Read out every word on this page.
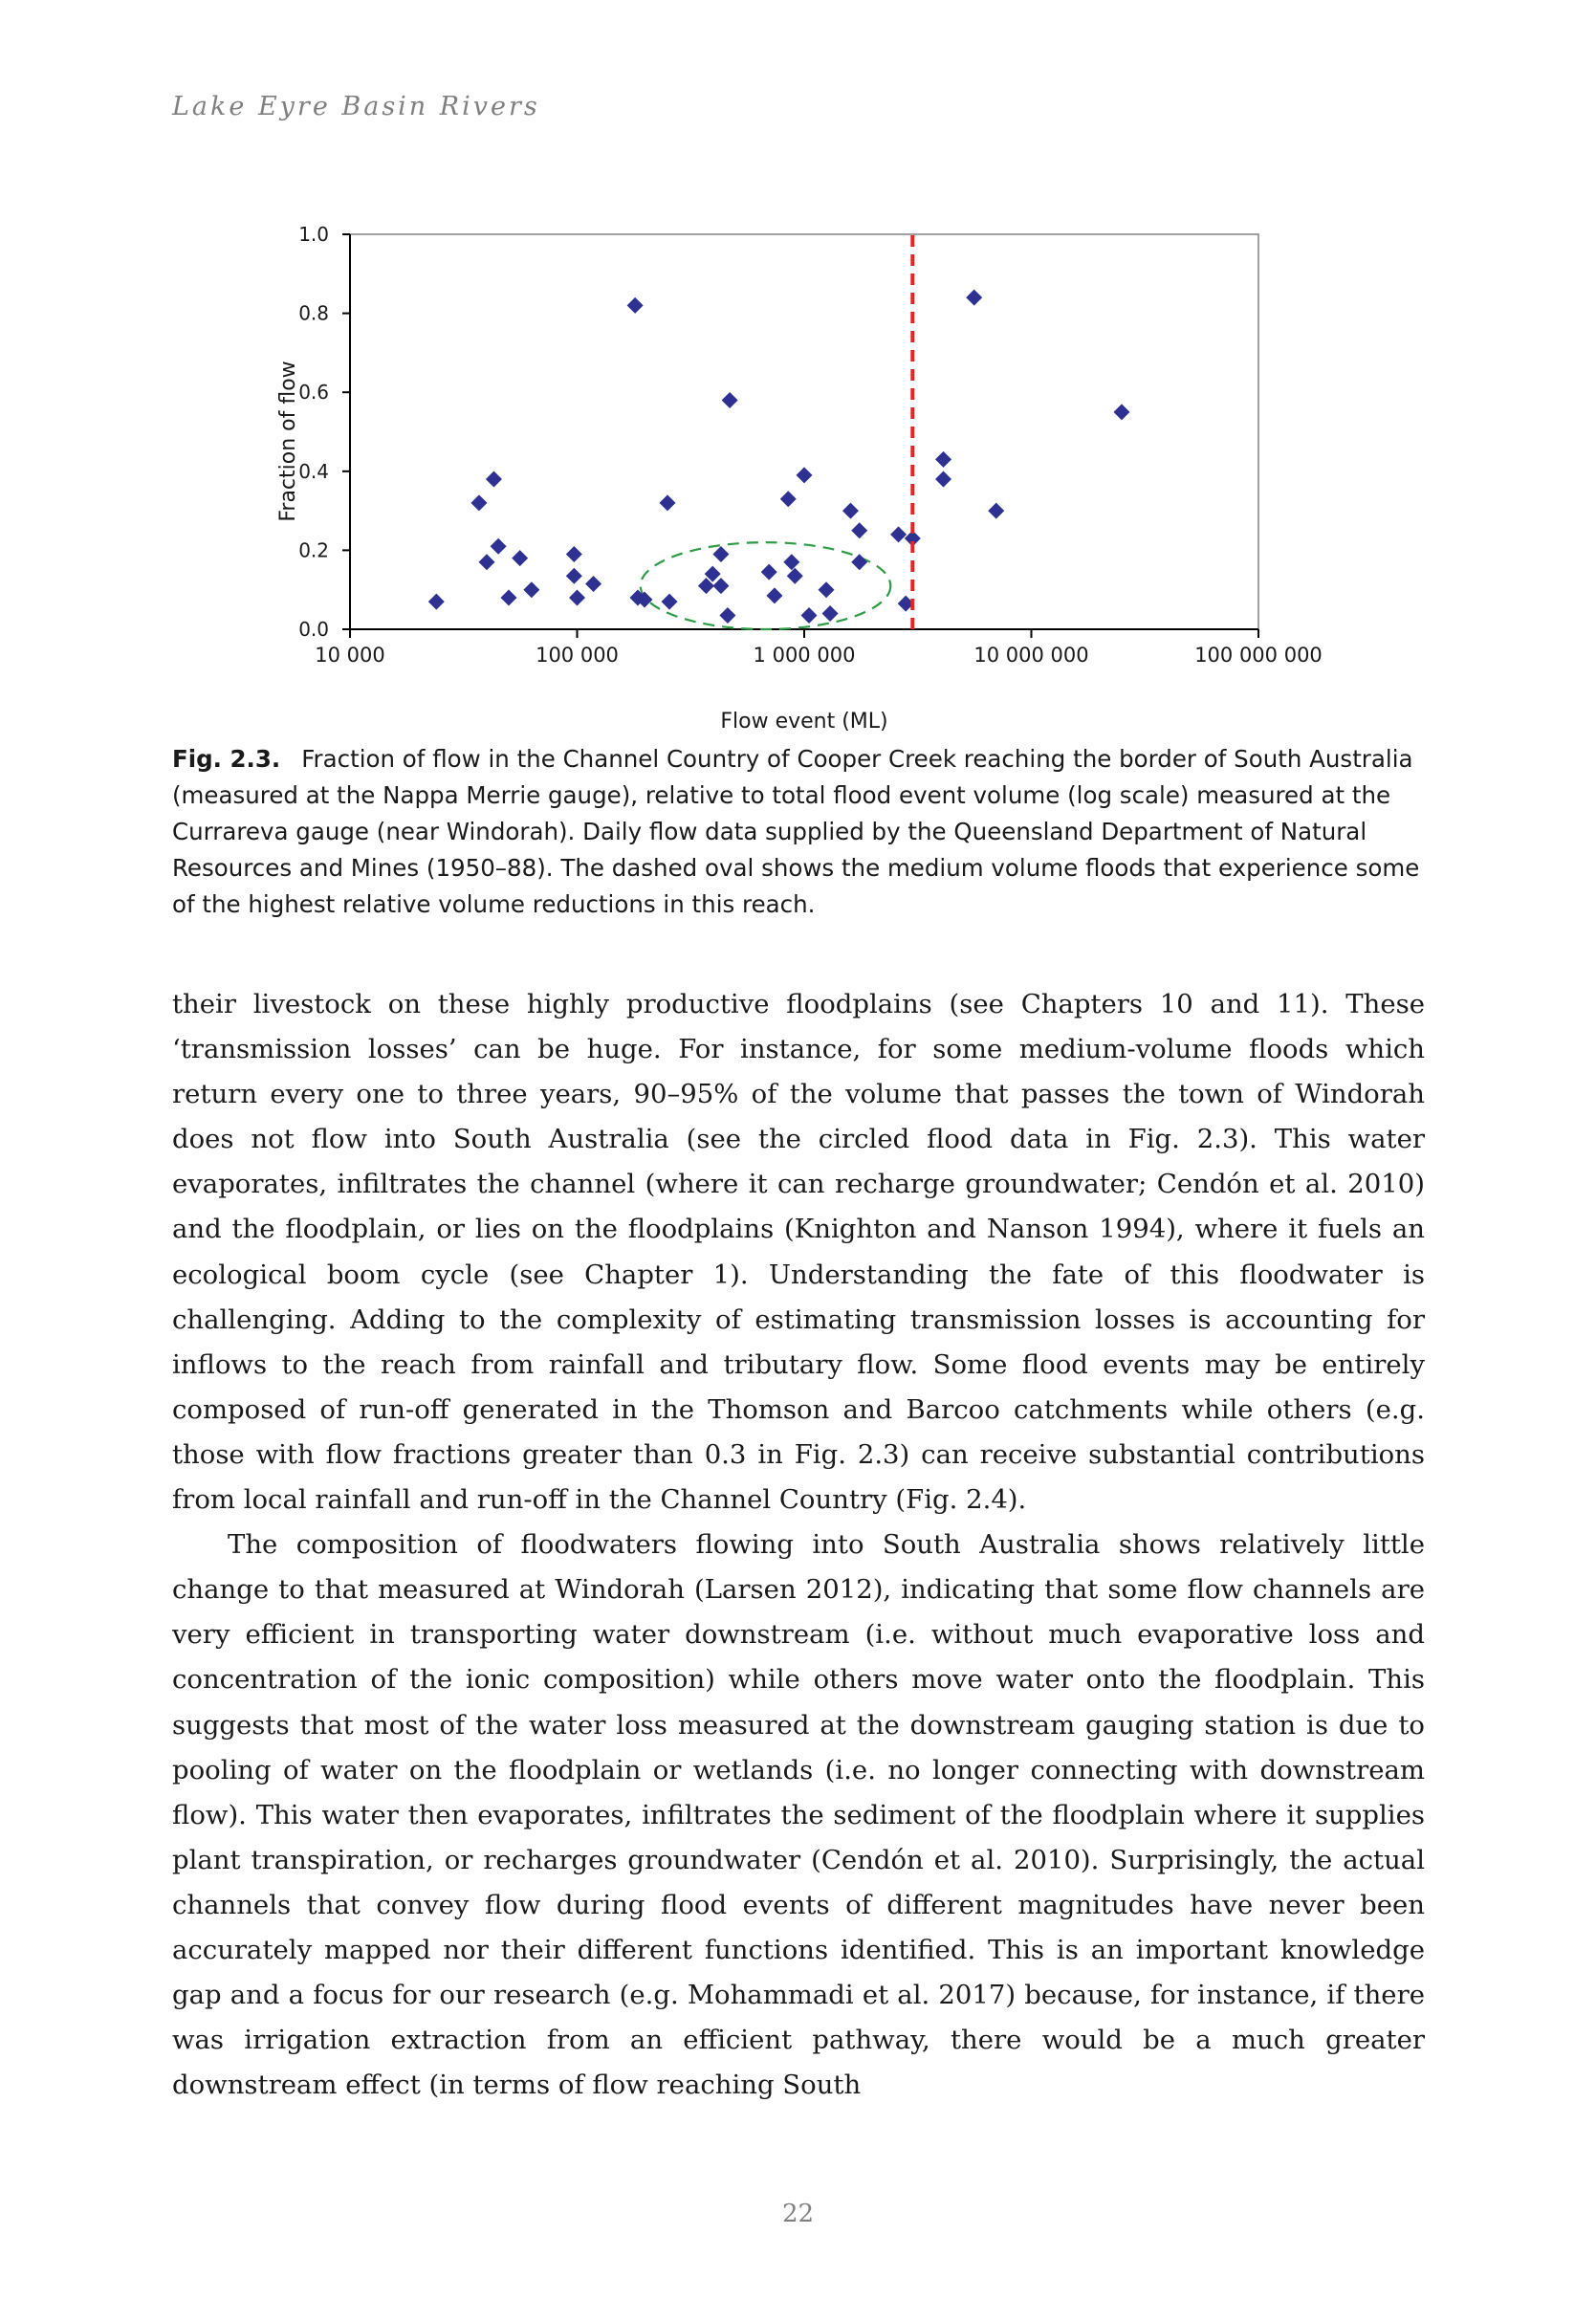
Lake Eyre Basin Rivers
0.0
0.2
0.4
0.6
0.8
1.0
10 000	100 000	1 000 000	10 000 000	100 000 000
Flow event (ML)
Fraction of flow
Fig. 2.3. Fraction of flow in the Channel Country of Cooper Creek reaching the border of South Australia (measured at the Nappa Merrie gauge), relative to total flood event volume (log scale) measured at the Currareva gauge (near Windorah). Daily flow data supplied by the Queensland Department of Natural Resources and Mines (1950–88). The dashed oval shows the medium volume floods that experience some of the highest relative volume reductions in this reach.

their livestock on these highly productive floodplains (see Chapters 10 and 11). These ‘transmission losses’ can be huge. For instance, for some medium-volume floods which return every one to three years, 90–95% of the volume that passes the town of Windorah does not flow into South Australia (see the circled flood data in Fig. 2.3). This water evaporates, infiltrates the channel (where it can recharge groundwater; Cendón et al. 2010) and the floodplain, or lies on the floodplains (Knighton and Nanson 1994), where it fuels an ecological boom cycle (see Chapter 1). Understanding the fate of this floodwater is challenging. Adding to the complexity of estimating transmission losses is accounting for inflows to the reach from rainfall and tributary flow. Some flood events may be entirely composed of run-off generated in the Thomson and Barcoo catchments while others (e.g. those with flow fractions greater than 0.3 in Fig. 2.3) can receive substantial contributions from local rainfall and run-off in the Channel Country (Fig. 2.4).

The composition of floodwaters flowing into South Australia shows relatively little change to that measured at Windorah (Larsen 2012), indicating that some flow channels are very efficient in transporting water downstream (i.e. without much evaporative loss and concentration of the ionic composition) while others move water onto the floodplain. This suggests that most of the water loss measured at the downstream gauging station is due to pooling of water on the floodplain or wetlands (i.e. no longer connecting with downstream flow). This water then evaporates, infiltrates the sediment of the floodplain where it supplies plant transpiration, or recharges groundwater (Cendón et al. 2010). Surprisingly, the actual channels that convey flow during flood events of different magnitudes have never been accurately mapped nor their different functions identified. This is an important knowledge gap and a focus for our research (e.g. Mohammadi et al. 2017) because, for instance, if there was irrigation extraction from an efficient pathway, there would be a much greater downstream effect (in terms of flow reaching South

22
